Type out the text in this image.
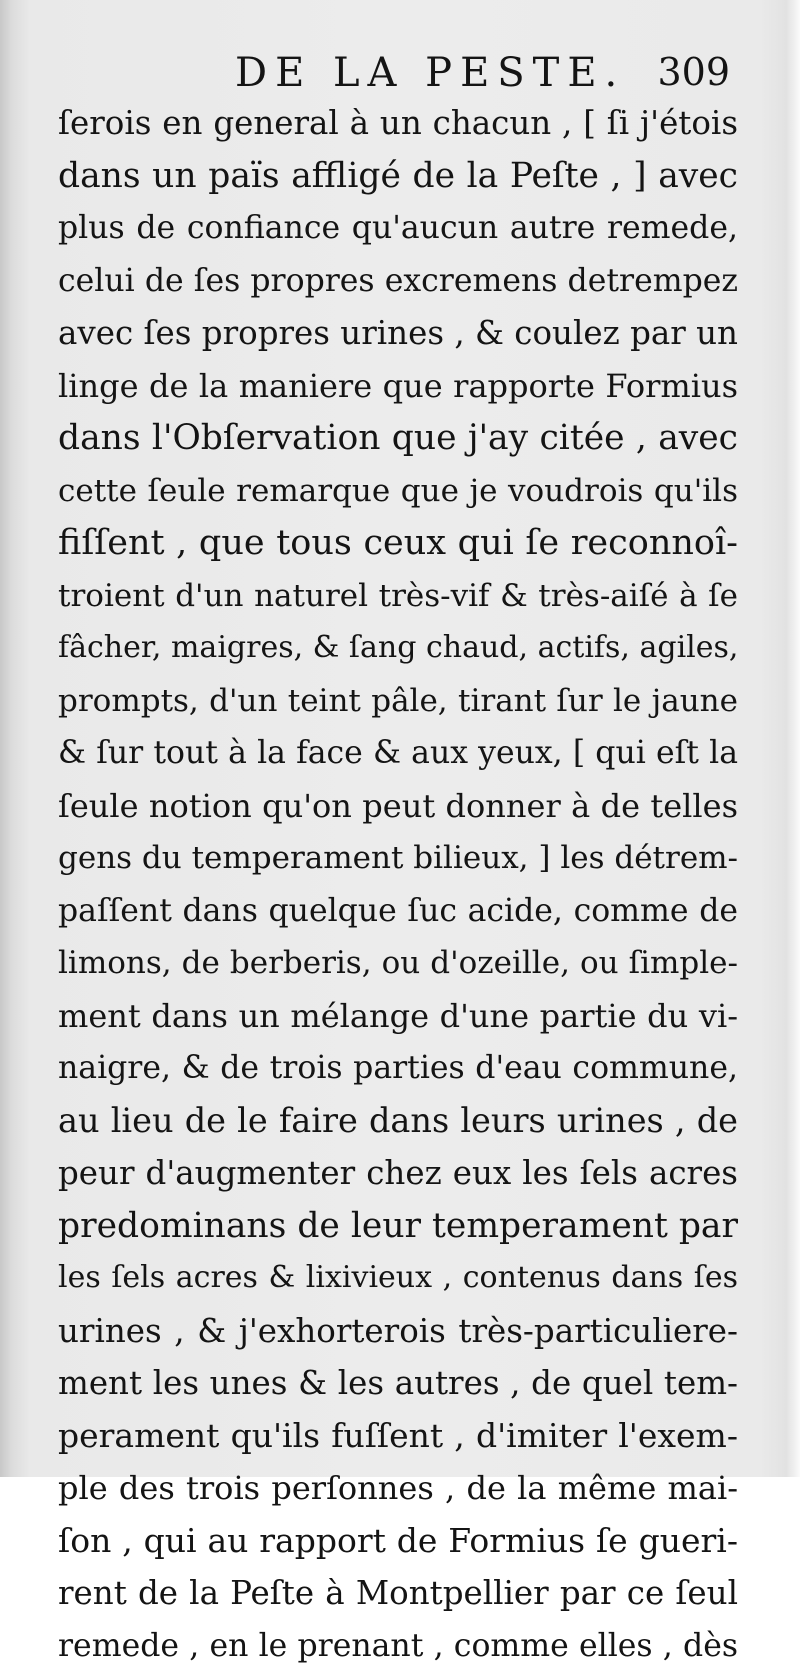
DE LA PESTE. 309
ſerois en general à un chacun , [ ſi j'étois
dans un païs affligé de la Peſte , ] avec
plus de confiance qu'aucun autre remede,
celui de ſes propres excremens detrempez
avec ſes propres urines , & coulez par un
linge de la maniere que rapporte Formius
dans l'Obſervation que j'ay citée , avec
cette ſeule remarque que je voudrois qu'ils
fiſſent , que tous ceux qui ſe reconnoî-
troient d'un naturel très-vif & très-aiſé à ſe
fâcher, maigres, & ſang chaud, actifs, agiles,
prompts, d'un teint pâle, tirant ſur le jaune
& ſur tout à la face & aux yeux, [ qui eſt la
ſeule notion qu'on peut donner à de telles
gens du temperament bilieux, ] les détrem-
paſſent dans quelque ſuc acide, comme de
limons, de berberis, ou d'ozeille, ou ſimple-
ment dans un mélange d'une partie du vi-
naigre, & de trois parties d'eau commune,
au lieu de le faire dans leurs urines , de
peur d'augmenter chez eux les ſels acres
predominans de leur temperament par
les ſels acres & lixivieux , contenus dans ſes
urines , & j'exhorterois très-particuliere-
ment les unes & les autres , de quel tem-
perament qu'ils fuſſent , d'imiter l'exem-
ple des trois perſonnes , de la même mai-
ſon , qui au rapport de Formius ſe gueri-
rent de la Peſte à Montpellier par ce ſeul
remede , en le prenant , comme elles , dès
